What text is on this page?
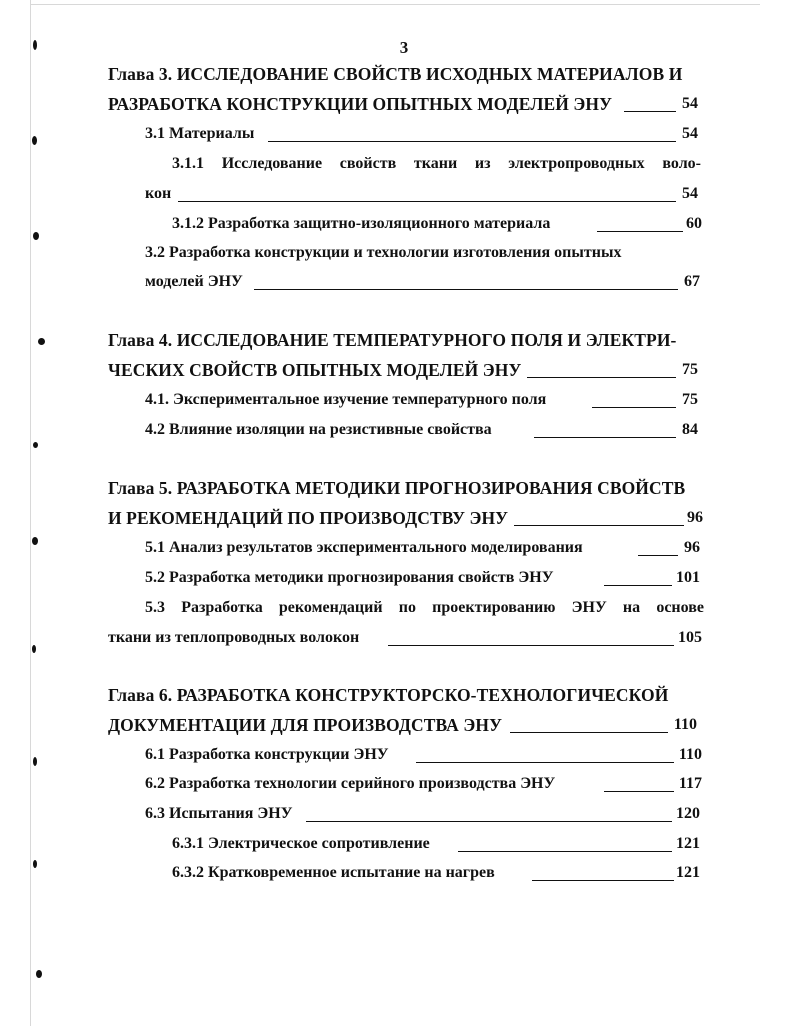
3
Глава 3. ИССЛЕДОВАНИЕ СВОЙСТВ ИСХОДНЫХ МАТЕРИАЛОВ И
РАЗРАБОТКА КОНСТРУКЦИИ ОПЫТНЫХ МОДЕЛЕЙ ЭНУ	54
3.1 Материалы	54
3.1.1 Исследование свойств ткани из электропроводных воло-
кон	54
3.1.2 Разработка защитно-изоляционного материала	60
3.2 Разработка конструкции и технологии изготовления опытных
моделей ЭНУ	67
Глава 4. ИССЛЕДОВАНИЕ ТЕМПЕРАТУРНОГО ПОЛЯ И ЭЛЕКТРИ-
ЧЕСКИХ СВОЙСТВ ОПЫТНЫХ МОДЕЛЕЙ ЭНУ	75
4.1. Экспериментальное изучение температурного поля	75
4.2 Влияние изоляции на резистивные свойства	84
Глава 5. РАЗРАБОТКА МЕТОДИКИ ПРОГНОЗИРОВАНИЯ СВОЙСТВ
И РЕКОМЕНДАЦИЙ ПО ПРОИЗВОДСТВУ ЭНУ	96
5.1 Анализ результатов экспериментального моделирования	96
5.2 Разработка методики прогнозирования свойств ЭНУ	101
5.3 Разработка рекомендаций по проектированию ЭНУ на основе
ткани из теплопроводных волокон	105
Глава 6. РАЗРАБОТКА КОНСТРУКТОРСКО-ТЕХНОЛОГИЧЕСКОЙ
ДОКУМЕНТАЦИИ ДЛЯ ПРОИЗВОДСТВА ЭНУ	110
6.1 Разработка конструкции ЭНУ	110
6.2 Разработка технологии серийного производства ЭНУ	117
6.3 Испытания ЭНУ	120
6.3.1 Электрическое сопротивление	121
6.3.2 Кратковременное испытание на нагрев	121
